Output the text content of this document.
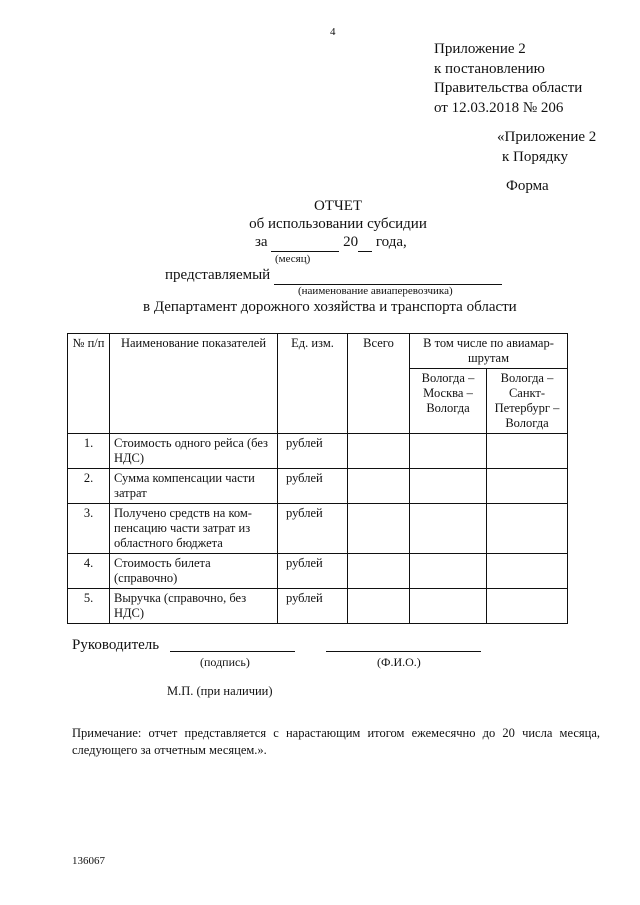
4
Приложение 2
к постановлению
Правительства области
от 12.03.2018 № 206
«Приложение 2
к Порядку
Форма
ОТЧЕТ
об использовании субсидии
за	20 года,
(месяц)
представляемый
(наименование авиаперевозчика)
в Департамент дорожного хозяйства и транспорта области
№ п/п	Наименование показателей	Ед. изм.	Всего	В том числе по авиамар- шрутам	
				Вологда – Москва – Вологда	Вологда – Санкт- Петербург – Вологда
1.	Стоимость одного рейса (без НДС)	рублей			
2.	Сумма компенсации части затрат	рублей			
3.	Получено средств на ком- пенсацию части затрат из областного бюджета	рублей			
4.	Стоимость билета (справочно)	рублей			
5.	Выручка (справочно, без НДС)	рублей			
Руководитель
(подпись)	(Ф.И.О.)
М.П. (при наличии)
Примечание: отчет представляется с нарастающим итогом ежемесячно до 20 числа месяца, следующего за отчетным месяцем.».
136067
